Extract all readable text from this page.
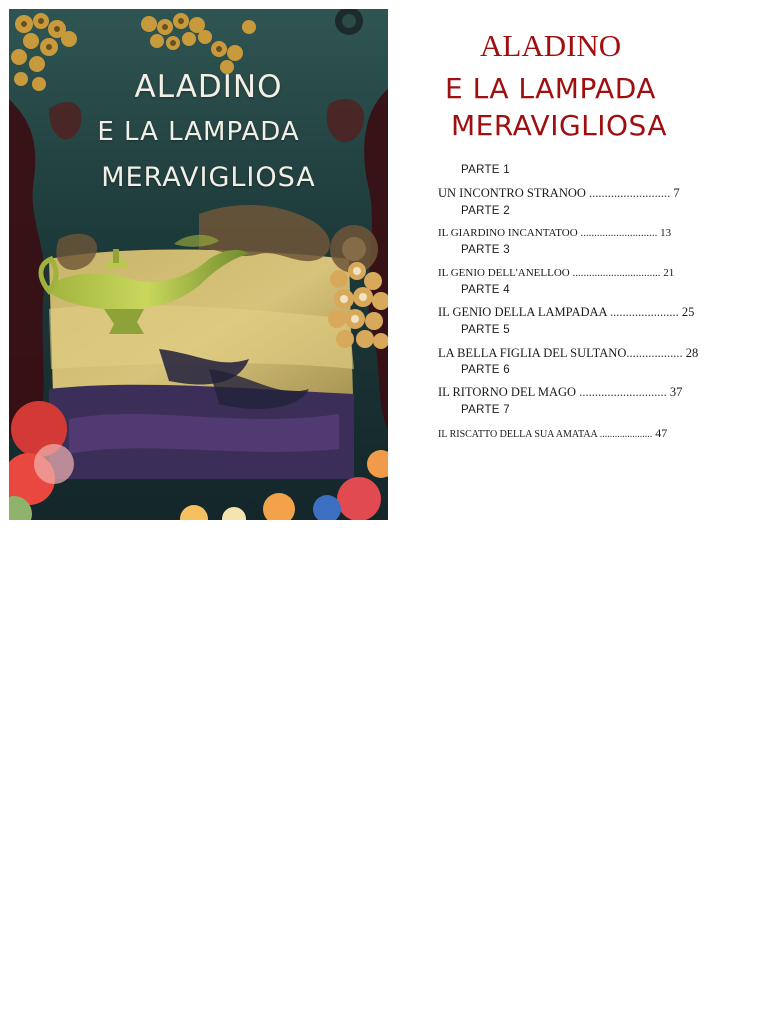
ALADINO
E LA LAMPADA
MERAVIGLIOSA
ALADINO
E LA LAMPADA
MERAVIGLIOSA
PARTE 1
UN INCONTRO STRANOO .......................... 7
PARTE 2
IL GIARDINO INCANTATOO ............................ 13
PARTE 3
IL GENIO DELL'ANELLOO ................................ 21
PARTE 4
IL GENIO DELLA LAMPADAA ...................... 25
PARTE 5
LA BELLA FIGLIA DEL SULTANO.................. 28
PARTE 6
IL RITORNO DEL MAGO ............................ 37
PARTE 7
IL RISCATTO DELLA SUA AMATAA ..................... 47
